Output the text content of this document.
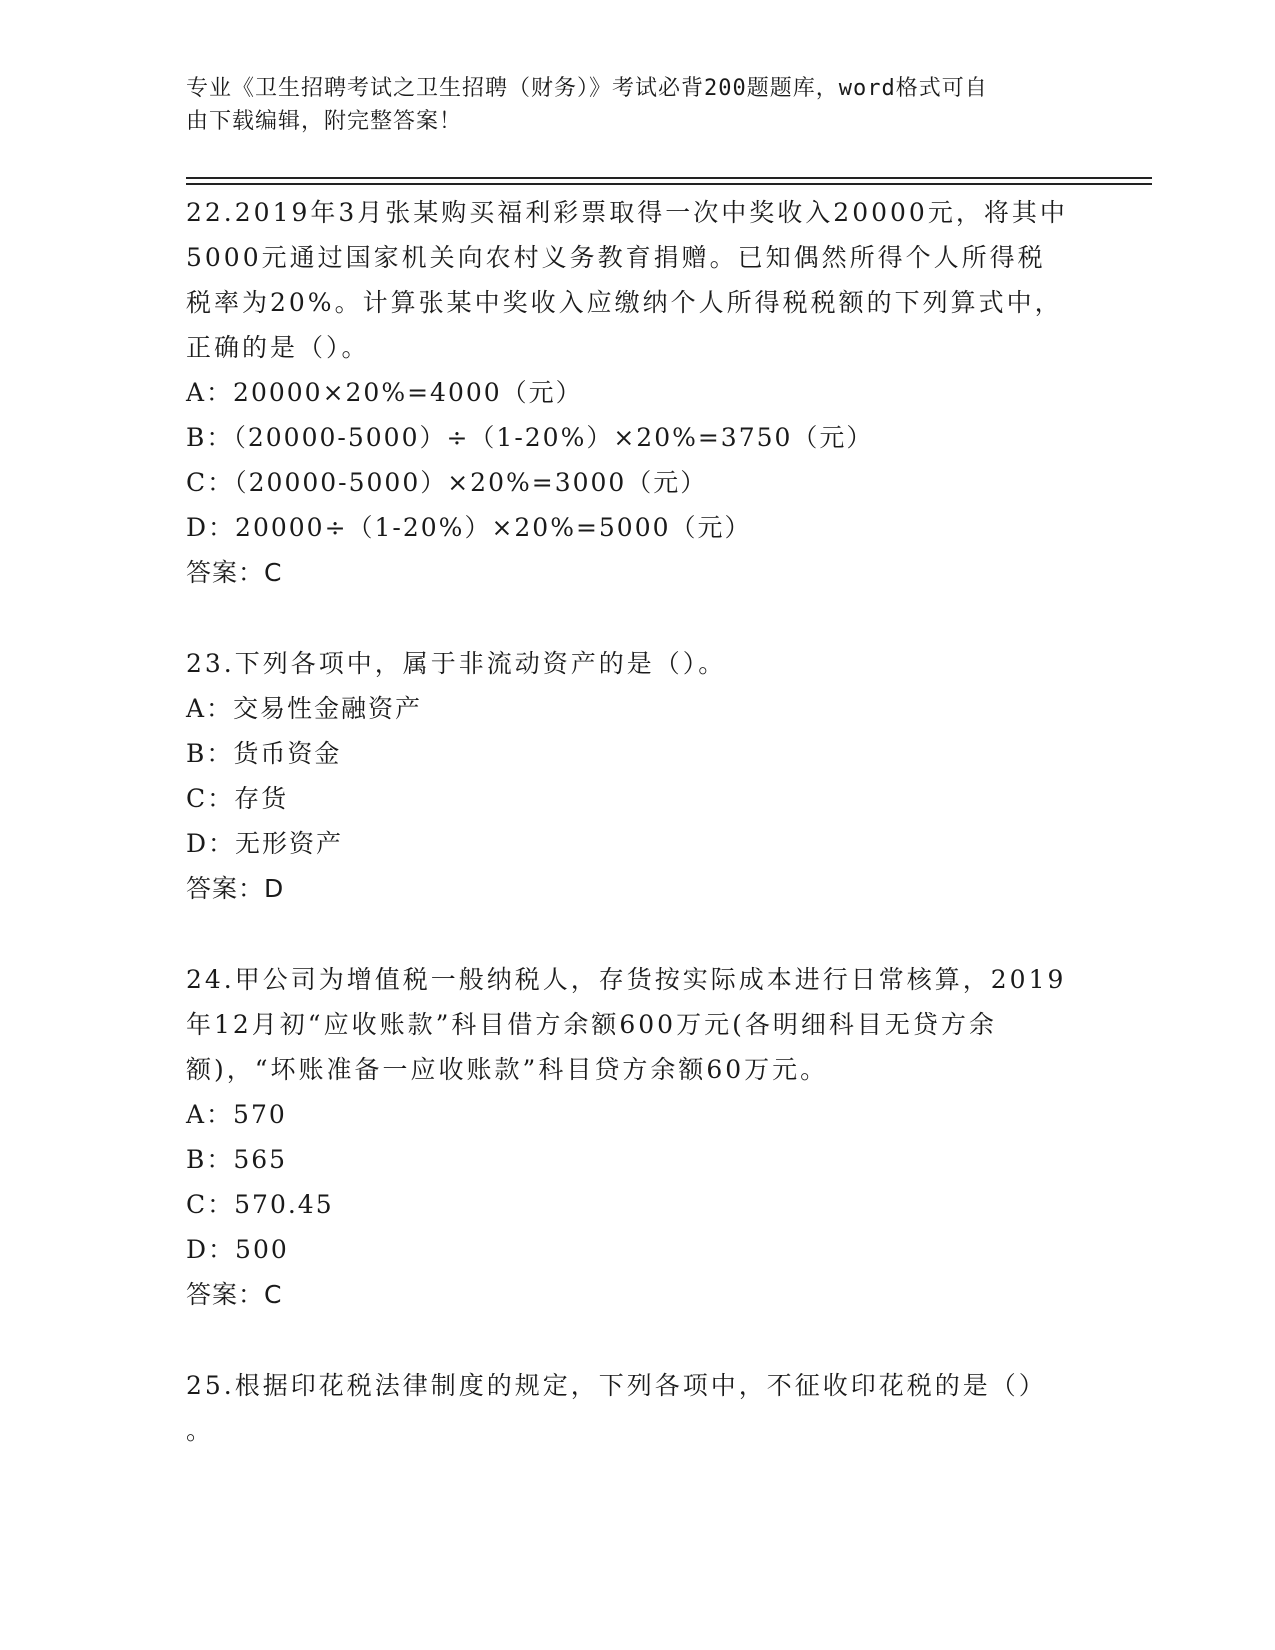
专业《卫生招聘考试之卫生招聘（财务）》考试必背200题题库，word格式可自
由下载编辑，附完整答案！

22.2019年3月张某购买福利彩票取得一次中奖收入20000元，将其中

5000元通过国家机关向农村义务教育捐赠。已知偶然所得个人所得税

税率为20%。计算张某中奖收入应缴纳个人所得税税额的下列算式中，

正确的是（）。

A：20000×20%=4000（元）

B：（20000-5000）÷（1-20%）×20%=3750（元）

C：（20000-5000）×20%=3000（元）

D：20000÷（1-20%）×20%=5000（元）

答案：C

23.下列各项中，属于非流动资产的是（）。

A：交易性金融资产

B：货币资金

C：存货

D：无形资产

答案：D

24.甲公司为增值税一般纳税人，存货按实际成本进行日常核算，2019

年12月初“应收账款”科目借方余额600万元(各明细科目无贷方余

额)，“坏账准备一应收账款”科目贷方余额60万元。

A：570

B：565

C：570.45

D：500

答案：C

25.根据印花税法律制度的规定，下列各项中，不征收印花税的是（）

。
